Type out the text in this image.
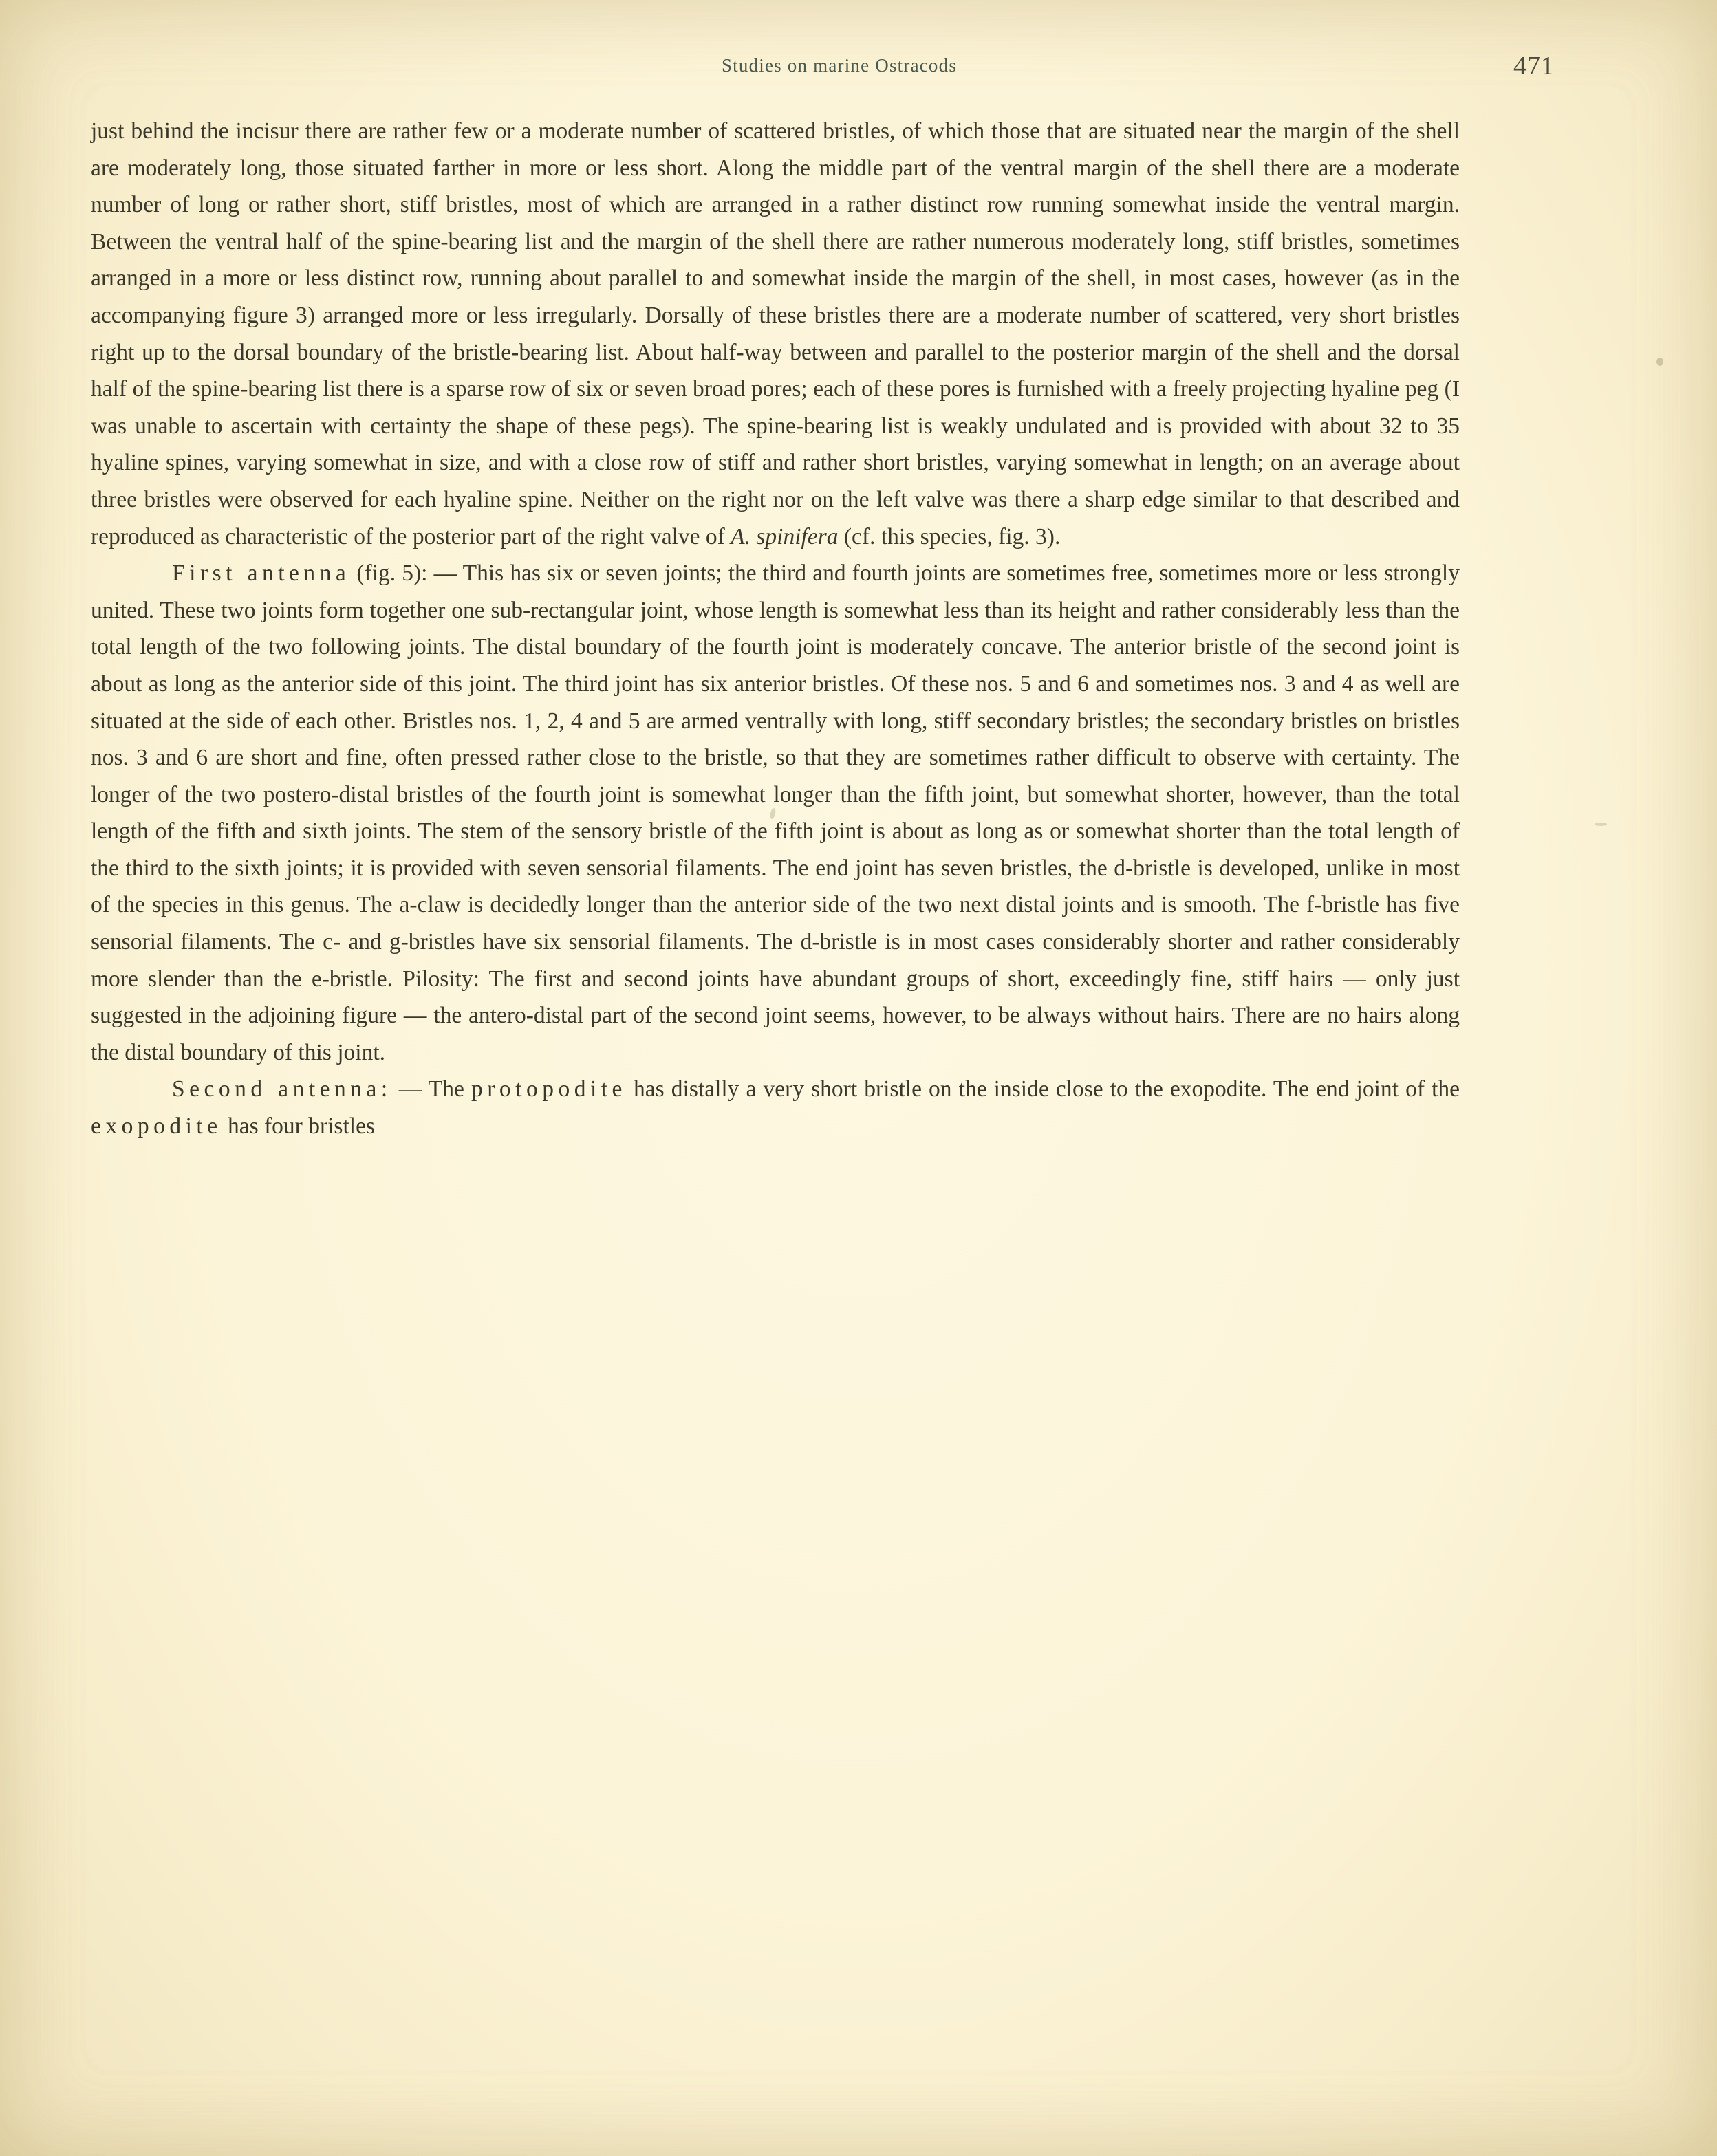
Studies on marine Ostracods	471

just behind the incisur there are rather few or a moderate number of scattered bristles, of which those that are situated near the margin of the shell are moderately long, those situated farther in more or less short. Along the middle part of the ventral margin of the shell there are a moderate number of long or rather short, stiff bristles, most of which are arranged in a rather distinct row running somewhat inside the ventral margin. Between the ventral half of the spine-bearing list and the margin of the shell there are rather numerous moderately long, stiff bristles, sometimes arranged in a more or less distinct row, running about parallel to and somewhat inside the margin of the shell, in most cases, however (as in the accompanying figure 3) arranged more or less irregularly. Dorsally of these bristles there are a moderate number of scattered, very short bristles right up to the dorsal boundary of the bristle-bearing list. About half-way between and parallel to the posterior margin of the shell and the dorsal half of the spine-bearing list there is a sparse row of six or seven broad pores; each of these pores is furnished with a freely projecting hyaline peg (I was unable to ascertain with certainty the shape of these pegs). The spine-bearing list is weakly undulated and is provided with about 32 to 35 hyaline spines, varying somewhat in size, and with a close row of stiff and rather short bristles, varying somewhat in length; on an average about three bristles were observed for each hyaline spine. Neither on the right nor on the left valve was there a sharp edge similar to that described and reproduced as characteristic of the posterior part of the right valve of A. spinifera (cf. this species, fig. 3).

First antenna (fig. 5): — This has six or seven joints; the third and fourth joints are sometimes free, sometimes more or less strongly united. These two joints form together one sub-rectangular joint, whose length is somewhat less than its height and rather considerably less than the total length of the two following joints. The distal boundary of the fourth joint is moderately concave. The anterior bristle of the second joint is about as long as the anterior side of this joint. The third joint has six anterior bristles. Of these nos. 5 and 6 and sometimes nos. 3 and 4 as well are situated at the side of each other. Bristles nos. 1, 2, 4 and 5 are armed ventrally with long, stiff secondary bristles; the secondary bristles on bristles nos. 3 and 6 are short and fine, often pressed rather close to the bristle, so that they are sometimes rather difficult to observe with certainty. The longer of the two postero-distal bristles of the fourth joint is somewhat longer than the fifth joint, but somewhat shorter, however, than the total length of the fifth and sixth joints. The stem of the sensory bristle of the fifth joint is about as long as or somewhat shorter than the total length of the third to the sixth joints; it is provided with seven sensorial filaments. The end joint has seven bristles, the d-bristle is developed, unlike in most of the species in this genus. The a-claw is decidedly longer than the anterior side of the two next distal joints and is smooth. The f-bristle has five sensorial filaments. The c- and g-bristles have six sensorial filaments. The d-bristle is in most cases considerably shorter and rather considerably more slender than the e-bristle. Pilosity: The first and second joints have abundant groups of short, exceedingly fine, stiff hairs — only just suggested in the adjoining figure — the antero-distal part of the second joint seems, however, to be always without hairs. There are no hairs along the distal boundary of this joint.

Second antenna: — The protopodite has distally a very short bristle on the inside close to the exopodite. The end joint of the exopodite has four bristles
